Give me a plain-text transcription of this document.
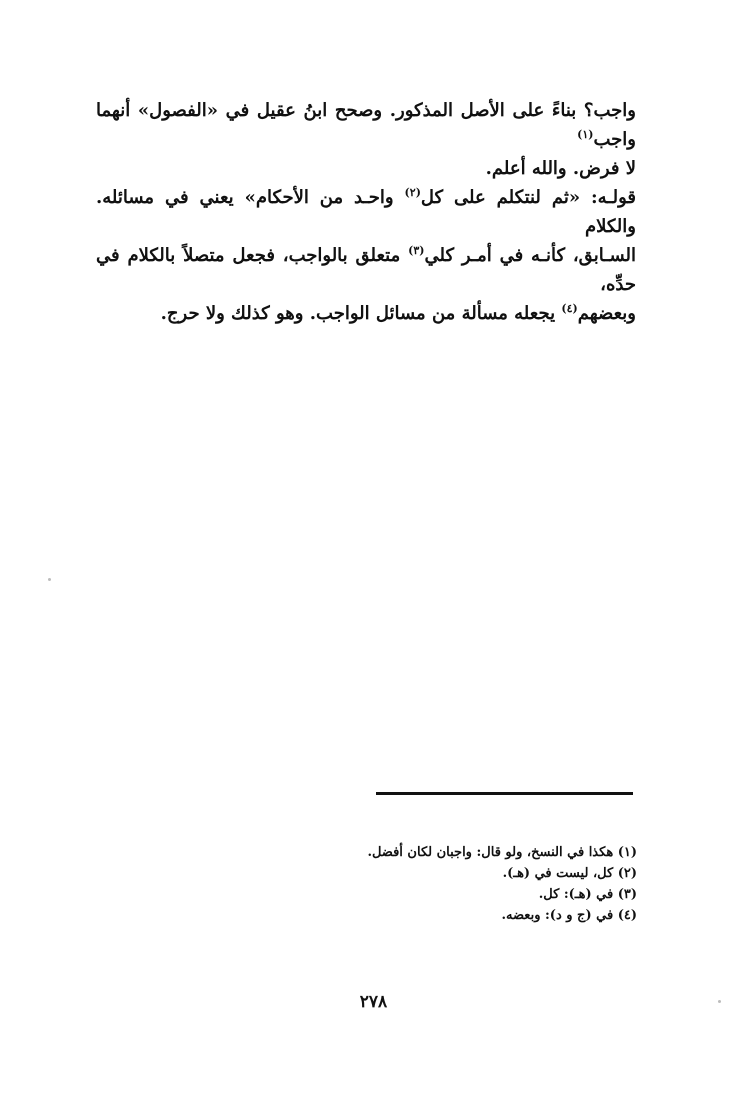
واجب؟ بناءً على الأصل المذكور. وصحح ابنُ عقيل في «الفصول» أنهما واجب$^{(١)}$
لا فرض. والله أعلم.

قولـه: «ثم لنتكلم على كل$^{(٢)}$ واحـد من الأحكام» يعني في مسائله. والكلام
السـابق، كأنـه في أمـر كلي$^{(٣)}$ متعلق بالواجب، فجعل متصلاً بالكلام في حدِّه،
وبعضهم$^{(٤)}$ يجعله مسألة من مسائل الواجب. وهو كذلك ولا حرج.

(١) هكذا في النسخ، ولو قال: واجبان لكان أفضل.
(٢) كل، ليست في (هـ).
(٣) في (هـ): كل.
(٤) في (ج و د): وبعضه.
٢٧٨
